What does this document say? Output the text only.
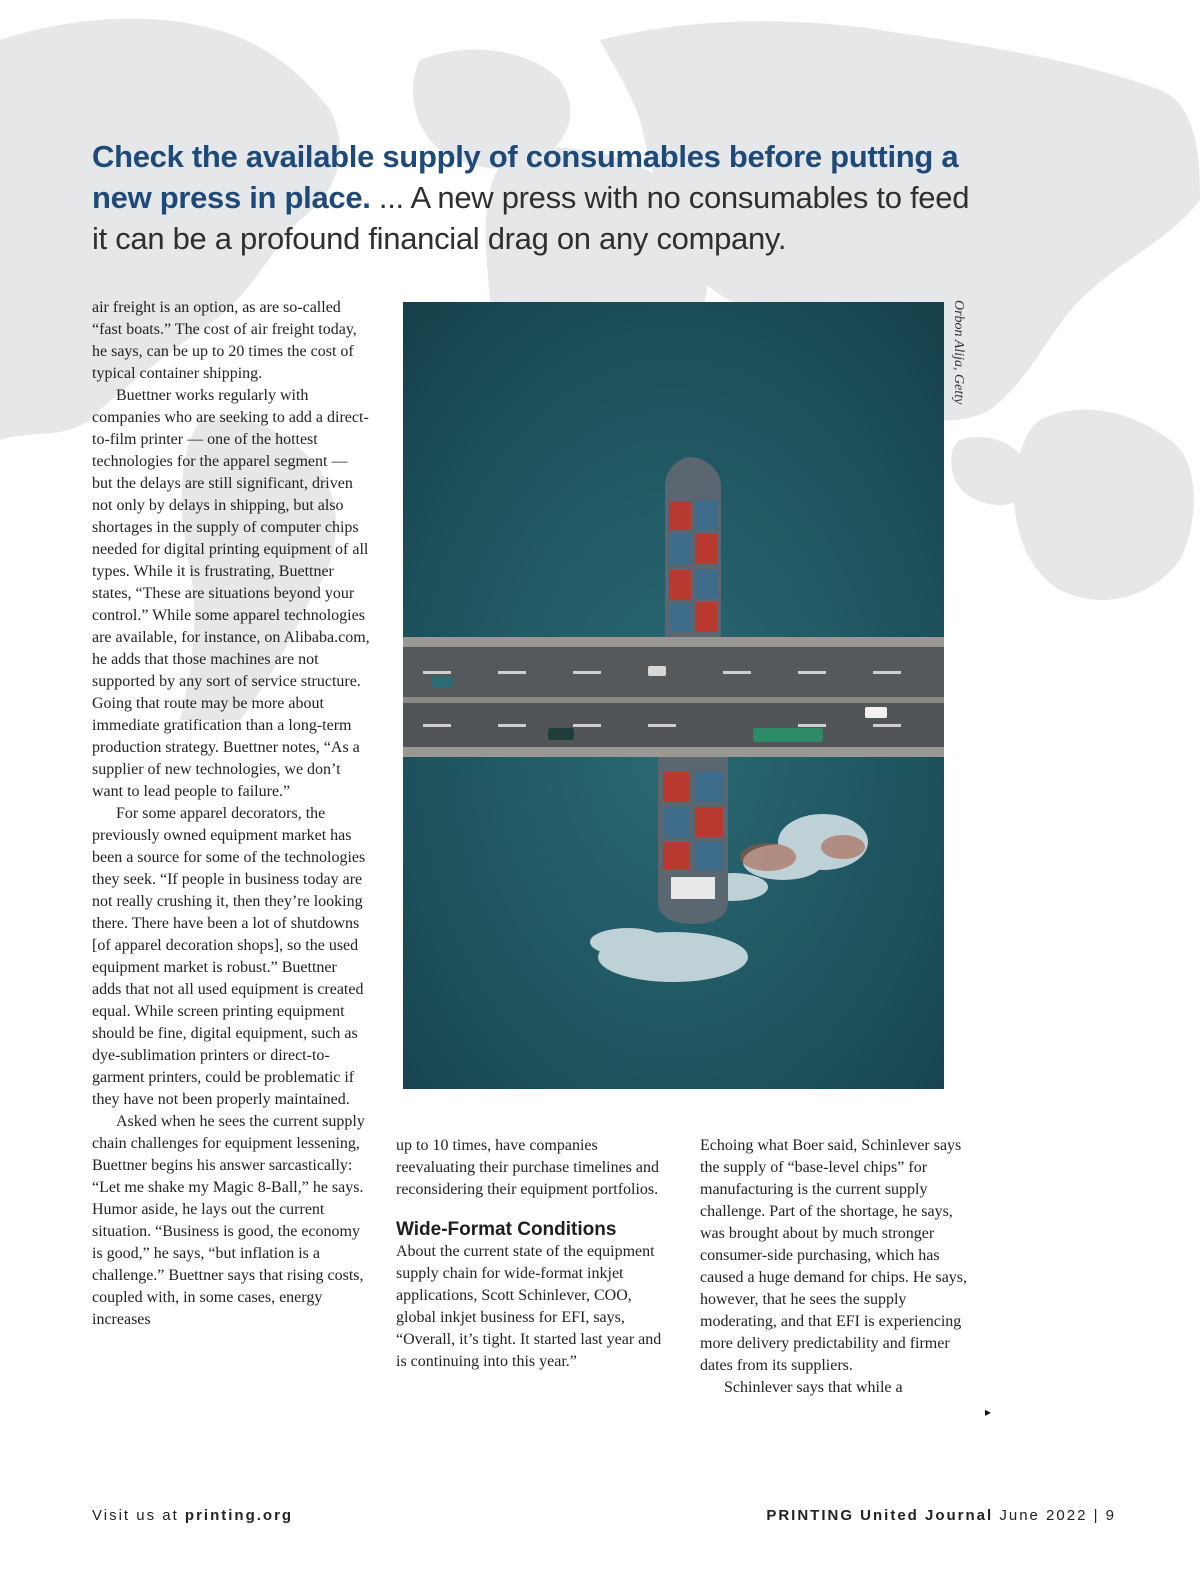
Check the available supply of consumables before putting a new press in place. ... A new press with no consumables to feed it can be a profound financial drag on any company.

air freight is an option, as are so-called “fast boats.” The cost of air freight today, he says, can be up to 20 times the cost of typical container shipping.

Buettner works regularly with companies who are seeking to add a direct-to-film printer — one of the hottest technologies for the apparel segment — but the delays are still significant, driven not only by delays in shipping, but also shortages in the supply of computer chips needed for digital printing equipment of all types. While it is frustrating, Buettner states, “These are situations beyond your control.” While some apparel technologies are available, for instance, on Alibaba.com, he adds that those machines are not supported by any sort of service structure. Going that route may be more about immediate gratification than a long-term production strategy. Buettner notes, “As a supplier of new technologies, we don’t want to lead people to failure.”

For some apparel decorators, the previously owned equipment market has been a source for some of the technologies they seek. “If people in business today are not really crushing it, then they’re looking there. There have been a lot of shutdowns [of apparel decoration shops], so the used equipment market is robust.” Buettner adds that not all used equipment is created equal. While screen printing equipment should be fine, digital equipment, such as dye-sublimation printers or direct-to-garment printers, could be problematic if they have not been properly maintained.

Asked when he sees the current supply chain challenges for equipment lessening, Buettner begins his answer sarcastically: “Let me shake my Magic 8-Ball,” he says. Humor aside, he lays out the current situation. “Business is good, the economy is good,” he says, “but inflation is a challenge.” Buettner says that rising costs, coupled with, in some cases, energy increases

Orbon Alija, Getty

up to 10 times, have companies reevaluating their purchase timelines and reconsidering their equipment portfolios.

Wide-Format Conditions

About the current state of the equipment supply chain for wide-format inkjet applications, Scott Schinlever, COO, global inkjet business for EFI, says, “Overall, it’s tight. It started last year and is continuing into this year.”

Echoing what Boer said, Schinlever says the supply of “base-level chips” for manufacturing is the current supply challenge. Part of the shortage, he says, was brought about by much stronger consumer-side purchasing, which has caused a huge demand for chips. He says, however, that he sees the supply moderating, and that EFI is experiencing more delivery predictability and firmer dates from its suppliers.

Schinlever says that while a

▸
Visit us at printing.org	PRINTING United Journal June 2022 | 9
